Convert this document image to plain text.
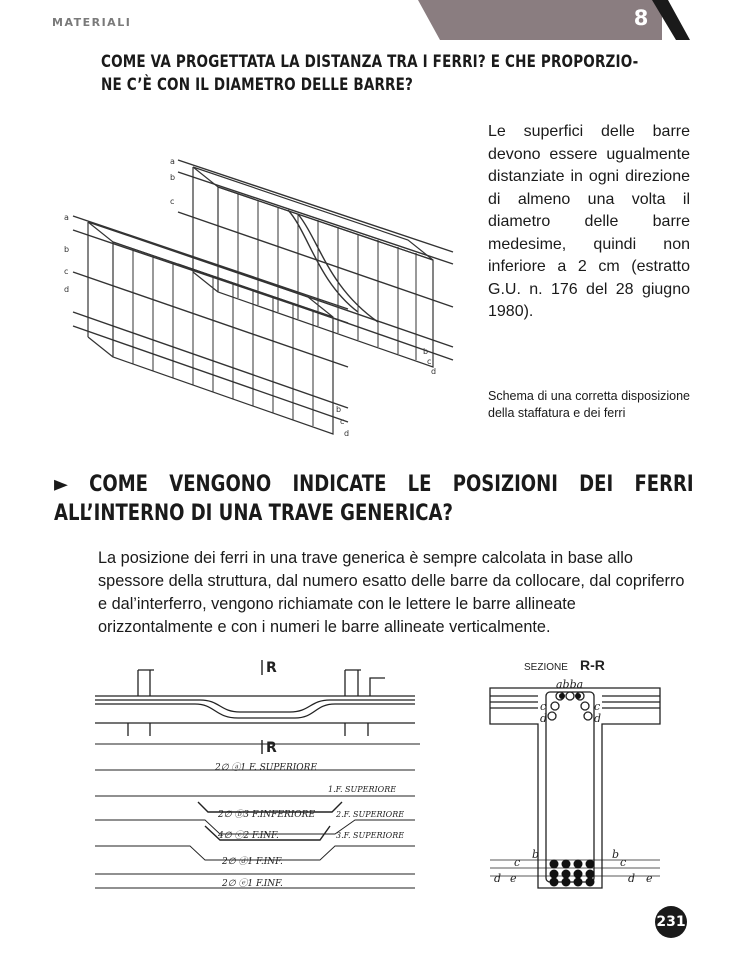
MATERIALI	8
COME VA PROGETTATA LA DISTANZA TRA I FERRI? E CHE PROPORZIO-
NE C’È CON IL DIAMETRO DELLE BARRE?
a
b
c
d
a
b
c
b
c
d
b
c
d
Le superfici delle barre devono essere ugualmente distanziate in ogni direzione di almeno una volta il diametro delle barre medesime, quindi non inferiore a 2 cm (estratto G.U. n. 176 del 28 giugno 1980).
Schema di una corretta disposizione della staffatura e dei ferri
► COME VENGONO INDICATE LE POSIZIONI DEI FERRI
ALL’INTERNO DI UNA TRAVE GENERICA?
La posizione dei ferri in una trave generica è sempre calcolata in base allo spessore della struttura, dal numero esatto delle barre da collocare, dal copriferro e dal’interferro, vengono richiamate con le lettere le barre allineate orizzontalmente e con i numeri le barre allineate verticalmente.
R
R
2∅ ⓐ1 F. SUPERIORE
1.F. SUPERIORE
2∅ ⓑ3 F.INFERIORE	2.F. SUPERIORE
4∅ ⓒ2 F.INF.	3.F. SUPERIORE
2∅ ⓓ1 F.INF.
2∅ ⓔ1 F.INF.
SEZIONE R-R
abba
c
d
c
d
b
c
d e
b
c
d e
231
